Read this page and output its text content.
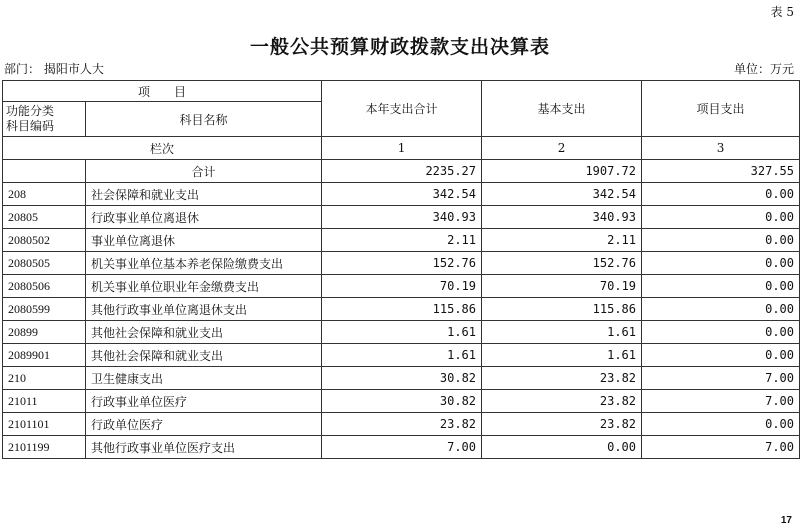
表 5
一般公共预算财政拨款支出决算表
部门： 揭阳市人大	单位：万元
项　　目		本年支出合计	基本支出	项目支出
功能分类
科目编码	科目名称			
栏次		1	2	3
	合计	2235.27	1907.72	327.55
208	社会保障和就业支出	342.54	342.54	0.00
20805	行政事业单位离退休	340.93	340.93	0.00
2080502	事业单位离退休	2.11	2.11	0.00
2080505	机关事业单位基本养老保险缴费支出	152.76	152.76	0.00
2080506	机关事业单位职业年金缴费支出	70.19	70.19	0.00
2080599	其他行政事业单位离退休支出	115.86	115.86	0.00
20899	其他社会保障和就业支出	1.61	1.61	0.00
2089901	其他社会保障和就业支出	1.61	1.61	0.00
210	卫生健康支出	30.82	23.82	7.00
21011	行政事业单位医疗	30.82	23.82	7.00
2101101	行政单位医疗	23.82	23.82	0.00
2101199	其他行政事业单位医疗支出	7.00	0.00	7.00
17
